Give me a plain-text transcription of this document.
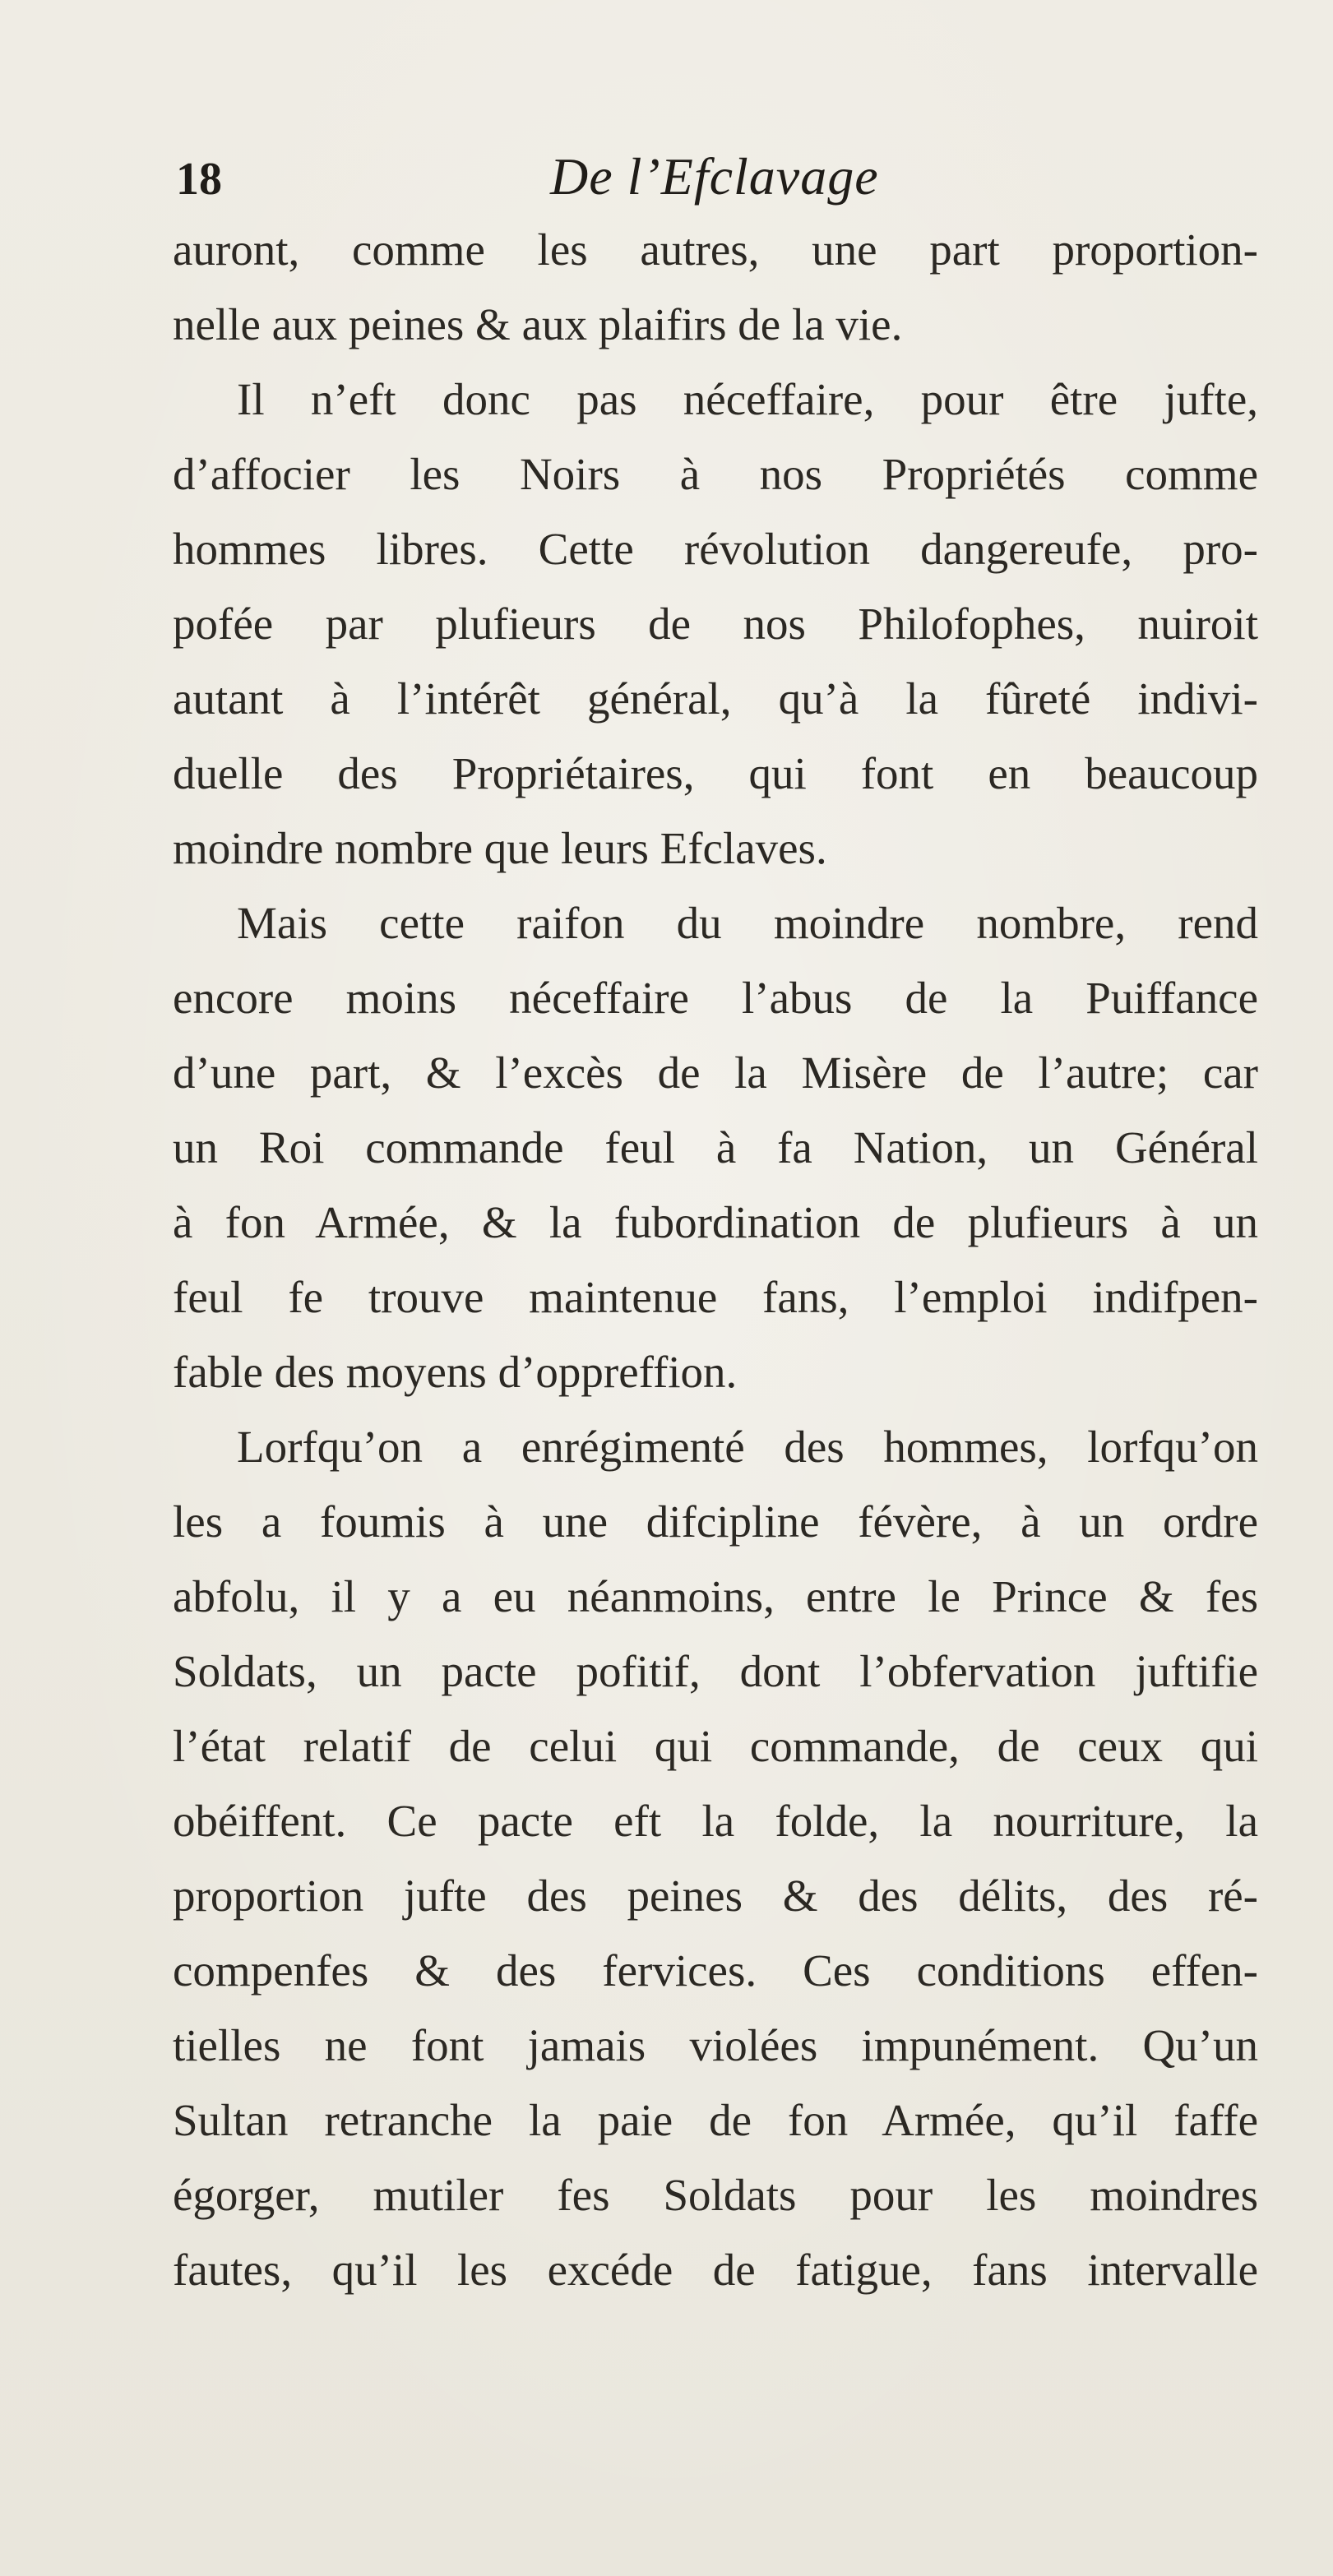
18	De l’Efclavage
auront, comme les autres, une part proportion-
nelle aux peines & aux plaifirs de la vie.
Il n’eft donc pas néceffaire, pour être jufte,
d’affocier les Noirs à nos Propriétés comme
hommes libres. Cette révolution dangereufe, pro-
pofée par plufieurs de nos Philofophes, nuiroit
autant à l’intérêt général, qu’à la fûreté indivi-
duelle des Propriétaires, qui font en beaucoup
moindre nombre que leurs Efclaves.
Mais cette raifon du moindre nombre, rend
encore moins néceffaire l’abus de la Puiffance
d’une part, & l’excès de la Misère de l’autre; car
un Roi commande feul à fa Nation, un Général
à fon Armée, & la fubordination de plufieurs à un
feul fe trouve maintenue fans, l’emploi indifpen-
fable des moyens d’oppreffion.
Lorfqu’on a enrégimenté des hommes, lorfqu’on
les a foumis à une difcipline févère, à un ordre
abfolu, il y a eu néanmoins, entre le Prince & fes
Soldats, un pacte pofitif, dont l’obfervation juftifie
l’état relatif de celui qui commande, de ceux qui
obéiffent. Ce pacte eft la folde, la nourriture, la
proportion jufte des peines & des délits, des ré-
compenfes & des fervices. Ces conditions effen-
tielles ne font jamais violées impunément. Qu’un
Sultan retranche la paie de fon Armée, qu’il faffe
égorger, mutiler fes Soldats pour les moindres
fautes, qu’il les excéde de fatigue, fans intervalle
